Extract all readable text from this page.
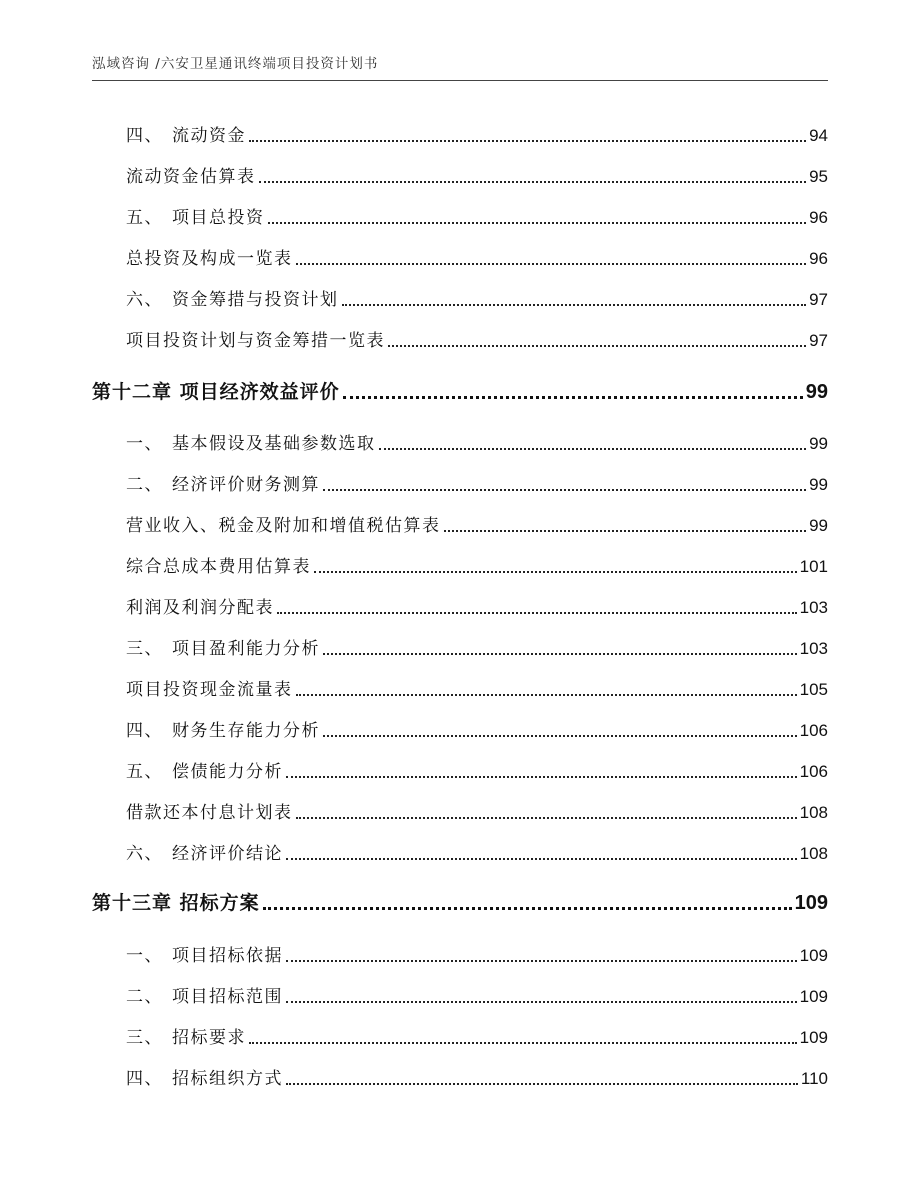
泓域咨询 /六安卫星通讯终端项目投资计划书
四、 流动资金	94
流动资金估算表	95
五、 项目总投资	96
总投资及构成一览表	96
六、 资金筹措与投资计划	97
项目投资计划与资金筹措一览表	97
第十二章 项目经济效益评价	99
一、 基本假设及基础参数选取	99
二、 经济评价财务测算	99
营业收入、税金及附加和增值税估算表	99
综合总成本费用估算表	101
利润及利润分配表	103
三、 项目盈利能力分析	103
项目投资现金流量表	105
四、 财务生存能力分析	106
五、 偿债能力分析	106
借款还本付息计划表	108
六、 经济评价结论	108
第十三章 招标方案	109
一、 项目招标依据	109
二、 项目招标范围	109
三、 招标要求	109
四、 招标组织方式	110
